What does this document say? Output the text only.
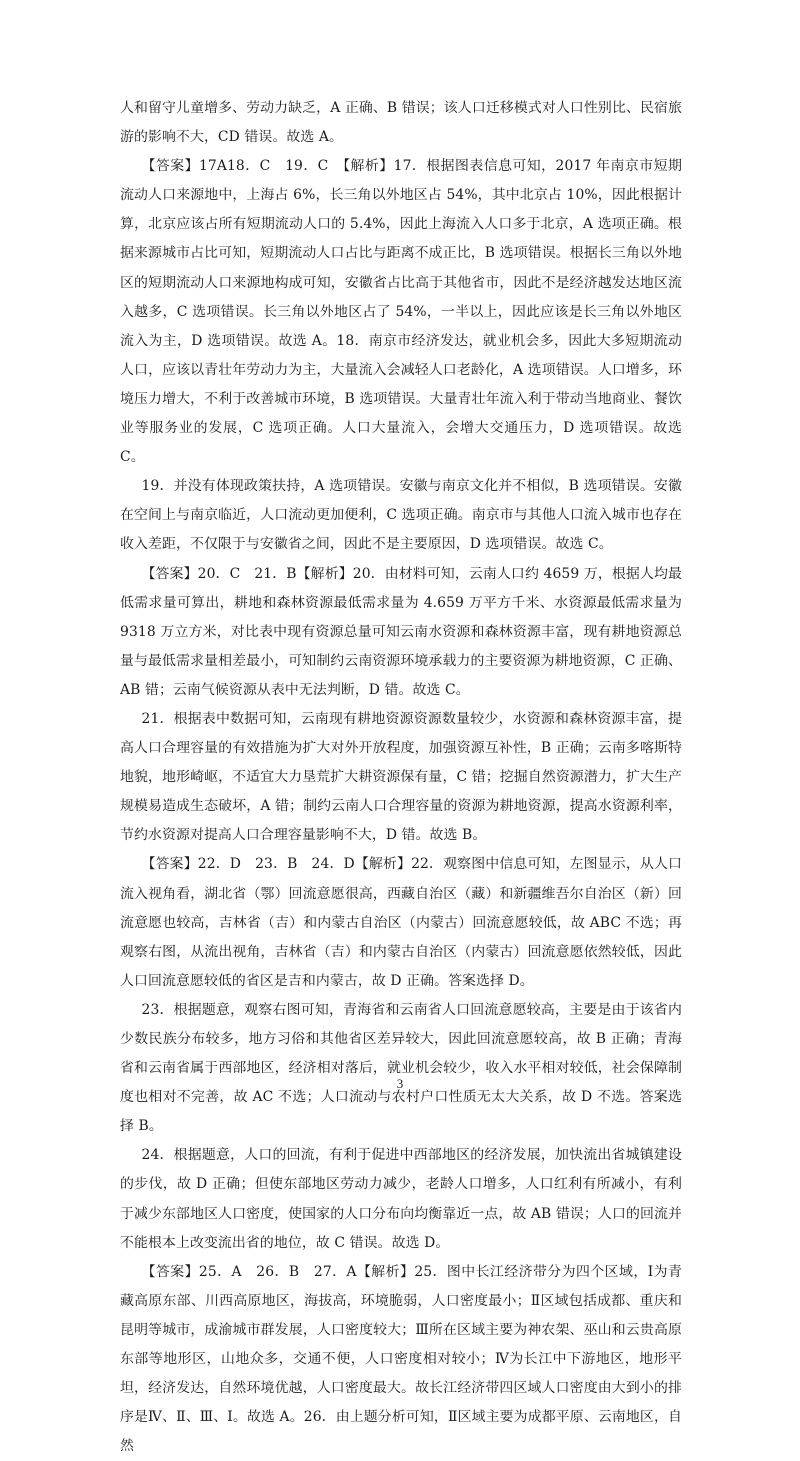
人和留守儿童增多、劳动力缺乏，A 正确、B 错误；该人口迁移模式对人口性别比、民宿旅游的影响不大，CD 错误。故选 A。

【答案】17A18．C　19．C　【解析】17．根据图表信息可知，2017 年南京市短期流动人口来源地中，上海占 6%，长三角以外地区占 54%，其中北京占 10%，因此根据计算，北京应该占所有短期流动人口的 5.4%，因此上海流入人口多于北京，A 选项正确。根据来源城市占比可知，短期流动人口占比与距离不成正比，B 选项错误。根据长三角以外地区的短期流动人口来源地构成可知，安徽省占比高于其他省市，因此不是经济越发达地区流入越多，C 选项错误。长三角以外地区占了 54%，一半以上，因此应该是长三角以外地区流入为主，D 选项错误。故选 A。18．南京市经济发达，就业机会多，因此大多短期流动人口，应该以青壮年劳动力为主，大量流入会减轻人口老龄化，A 选项错误。人口增多，环境压力增大，不利于改善城市环境，B 选项错误。大量青壮年流入利于带动当地商业、餐饮业等服务业的发展，C 选项正确。人口大量流入，会增大交通压力，D 选项错误。故选 C。

19．并没有体现政策扶持，A 选项错误。安徽与南京文化并不相似，B 选项错误。安徽在空间上与南京临近，人口流动更加便利，C 选项正确。南京市与其他人口流入城市也存在收入差距，不仅限于与安徽省之间，因此不是主要原因，D 选项错误。故选 C。

【答案】20．C　21．B【解析】20．由材料可知，云南人口约 4659 万，根据人均最低需求量可算出，耕地和森林资源最低需求量为 4.659 万平方千米、水资源最低需求量为 9318 万立方米，对比表中现有资源总量可知云南水资源和森林资源丰富，现有耕地资源总量与最低需求量相差最小，可知制约云南资源环境承载力的主要资源为耕地资源，C 正确、AB 错；云南气候资源从表中无法判断，D 错。故选 C。

21．根据表中数据可知，云南现有耕地资源资源数量较少，水资源和森林资源丰富，提高人口合理容量的有效措施为扩大对外开放程度，加强资源互补性，B 正确；云南多喀斯特地貌，地形崎岖，不适宜大力垦荒扩大耕资源保有量，C 错；挖掘自然资源潜力，扩大生产规模易造成生态破坏，A 错；制约云南人口合理容量的资源为耕地资源，提高水资源利率，节约水资源对提高人口合理容量影响不大，D 错。故选 B。

【答案】22．D　23．B　24．D【解析】22．观察图中信息可知，左图显示，从人口流入视角看，湖北省（鄂）回流意愿很高，西藏自治区（藏）和新疆维吾尔自治区（新）回流意愿也较高，吉林省（吉）和内蒙古自治区（内蒙古）回流意愿较低，故 ABC 不选；再观察右图，从流出视角，吉林省（吉）和内蒙古自治区（内蒙古）回流意愿依然较低，因此人口回流意愿较低的省区是吉和内蒙古，故 D 正确。答案选择 D。

23．根据题意，观察右图可知，青海省和云南省人口回流意愿较高，主要是由于该省内少数民族分布较多，地方习俗和其他省区差异较大，因此回流意愿较高，故 B 正确；青海省和云南省属于西部地区，经济相对落后，就业机会较少，收入水平相对较低，社会保障制度也相对不完善，故 AC 不选；人口流动与农村户口性质无太大关系，故 D 不选。答案选择 B。

24．根据题意，人口的回流，有利于促进中西部地区的经济发展，加快流出省城镇建设的步伐，故 D 正确；但使东部地区劳动力减少，老龄人口增多，人口红利有所减小，有利于减少东部地区人口密度，使国家的人口分布向均衡靠近一点，故 AB 错误；人口的回流并不能根本上改变流出省的地位，故 C 错误。故选 D。

【答案】25．A　26．B　27．A【解析】25．图中长江经济带分为四个区域，Ⅰ为青藏高原东部、川西高原地区，海拔高，环境脆弱，人口密度最小；Ⅱ区域包括成都、重庆和昆明等城市，成渝城市群发展，人口密度较大；Ⅲ所在区域主要为神农架、巫山和云贵高原东部等地形区，山地众多，交通不便，人口密度相对较小；Ⅳ为长江中下游地区，地形平坦，经济发达，自然环境优越，人口密度最大。故长江经济带四区域人口密度由大到小的排序是Ⅳ、Ⅱ、Ⅲ、Ⅰ。故选 A。26．由上题分析可知，Ⅱ区域主要为成都平原、云南地区，自然

3
